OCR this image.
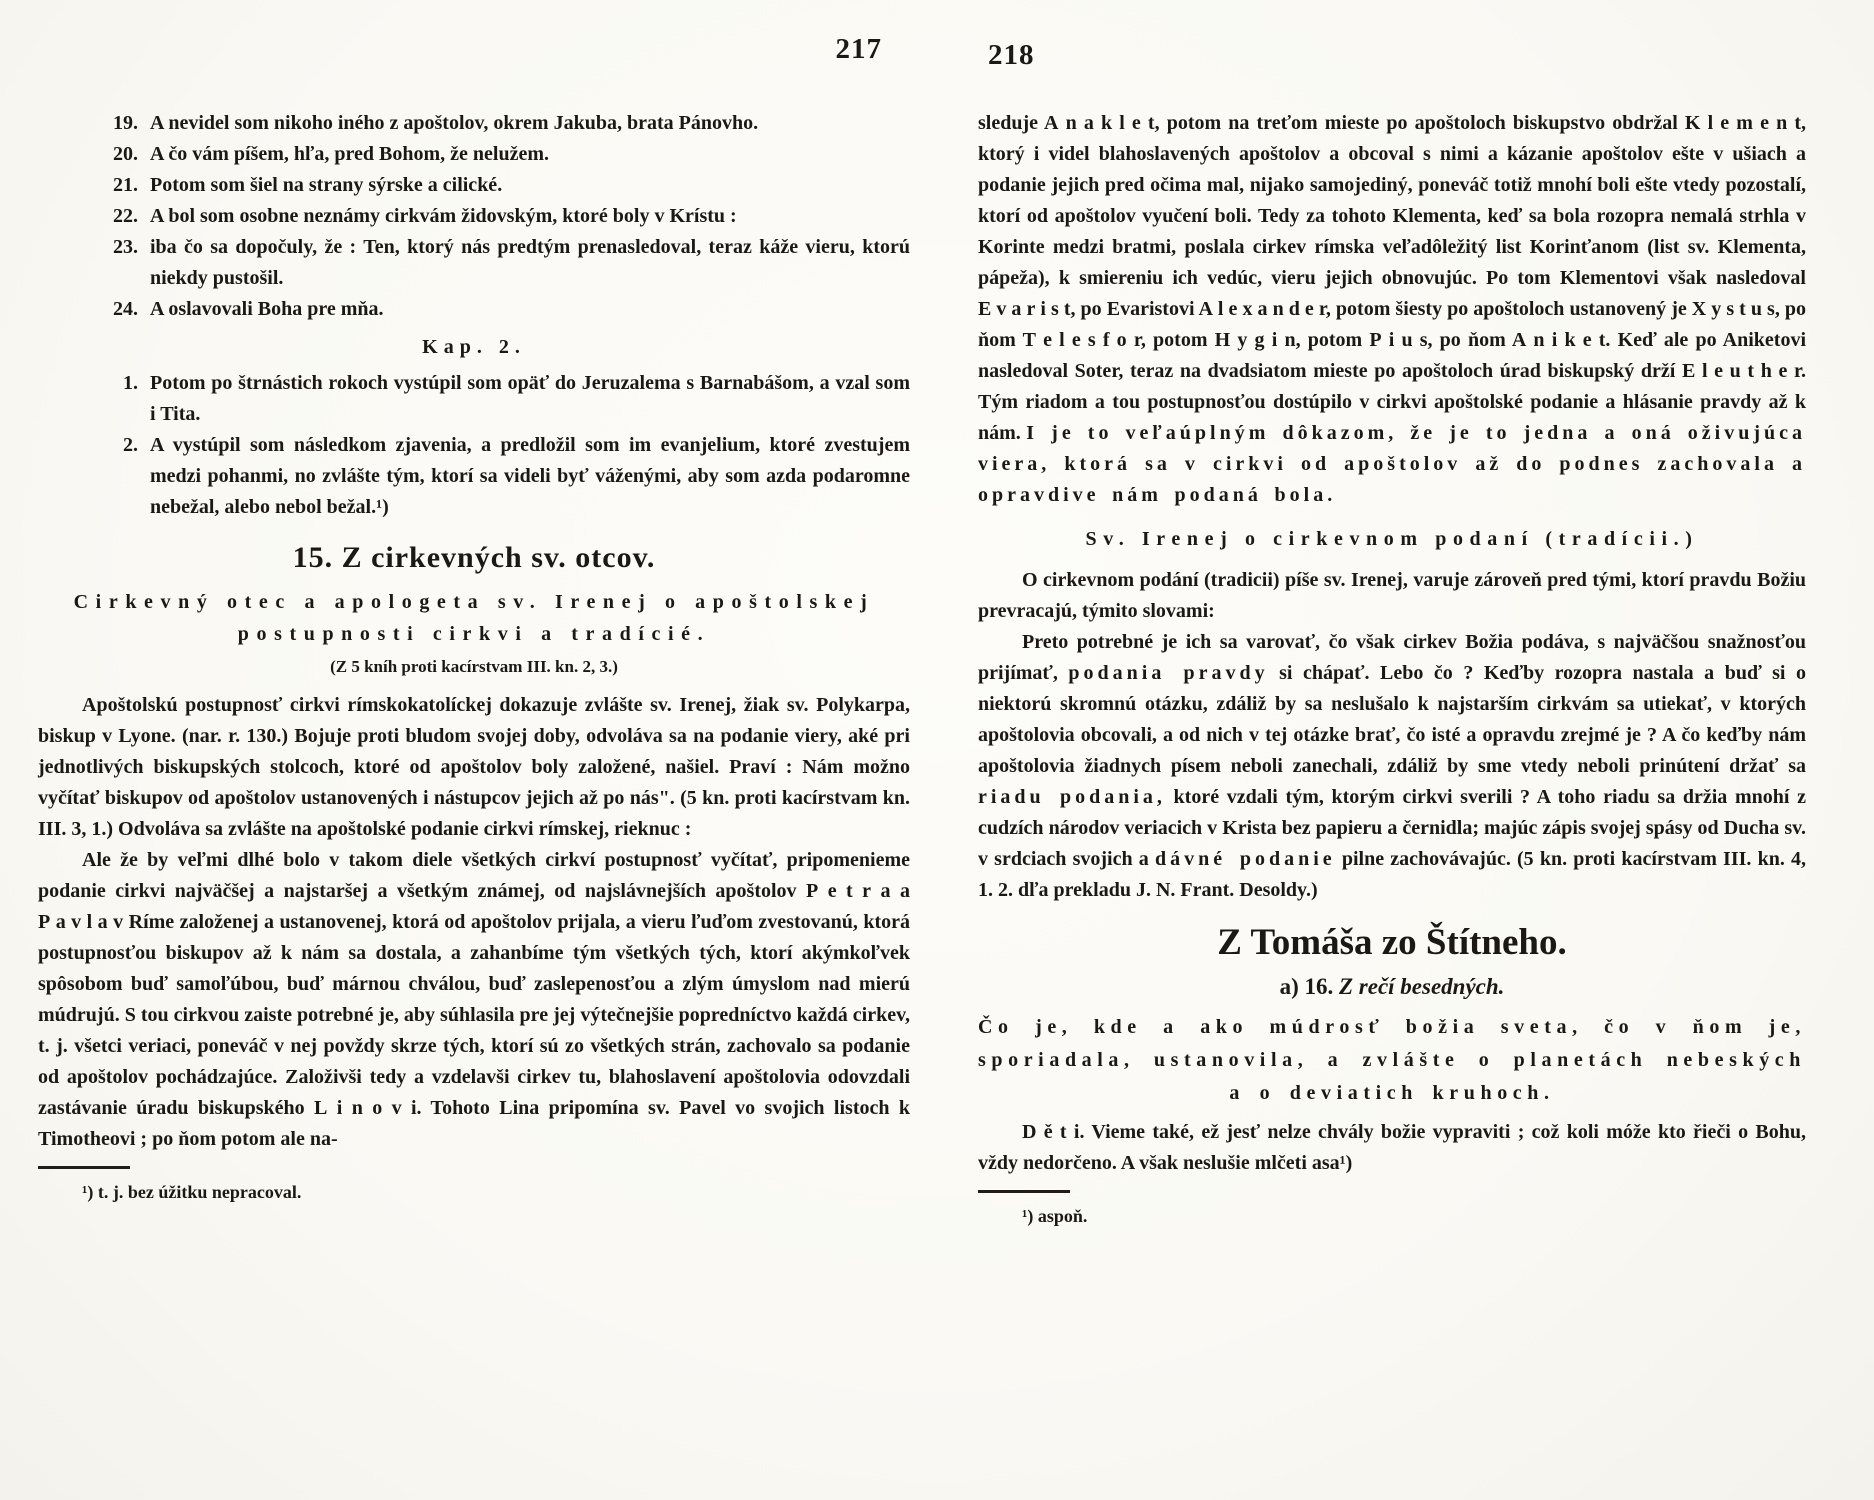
217	218
19. A nevidel som nikoho iného z apoštolov, okrem Jakuba, brata Pánovho.
20. A čo vám píšem, hľa, pred Bohom, že nelužem.
21. Potom som šiel na strany sýrske a cilické.
22. A bol som osobne neznámy cirkvám židovským, ktoré boly v Krístu :
23. iba čo sa dopočuly, že : Ten, ktorý nás predtým prenasledoval, teraz káže vieru, ktorú niekdy pustošil.
24. A oslavovali Boha pre mňa.
Kap. 2.
1. Potom po štrnástich rokoch vystúpil som opäť do Jeruzalema s Barnabášom, a vzal som i Tita.
2. A vystúpil som následkom zjavenia, a predložil som im evanjelium, ktoré zvestujem medzi pohanmi, no zvlášte tým, ktorí sa videli byť váženými, aby som azda podaromne nebežal, alebo nebol bežal.¹)
15. Z cirkevných sv. otcov.
Cirkevný otec a apologeta sv. Irenej o apoštolskej postupnosti cirkvi a tradícié.
(Z 5 kníh proti kacírstvam III. kn. 2, 3.)

Apoštolskú postupnosť cirkvi rímskokatolíckej dokazuje zvlášte sv. Irenej, žiak sv. Polykarpa, biskup v Lyone. (nar. r. 130.) Bojuje proti bludom svojej doby, odvoláva sa na podanie viery, aké pri jednotlivých biskupských stolcoch, ktoré od apoštolov boly založené, našiel. Praví : Nám možno vyčítať biskupov od apoštolov ustanovených i nástupcov jejich až po nás". (5 kn. proti kacírstvam kn. III. 3, 1.) Odvoláva sa zvlášte na apoštolské podanie cirkvi rímskej, rieknuc :

Ale že by veľmi dlhé bolo v takom diele všetkých cirkví postupnosť vyčítať, pripomenieme podanie cirkvi najväčšej a najstaršej a všetkým známej, od najslávnejších apoštolov P e t r a a P a v l a v Ríme založenej a ustanovenej, ktorá od apoštolov prijala, a vieru ľuďom zvestovanú, ktorá postupnosťou biskupov až k nám sa dostala, a zahanbíme tým všetkých tých, ktorí akýmkoľvek spôsobom buď samoľúbou, buď márnou chválou, buď zaslepenosťou a zlým úmyslom nad mierú múdrujú. S tou cirkvou zaiste potrebné je, aby súhlasila pre jej výtečnejšie popredníctvo každá cirkev, t. j. všetci veriaci, poneváč v nej povždy skrze tých, ktorí sú zo všetkých strán, zachovalo sa podanie od apoštolov pochádzajúce. Založivši tedy a vzdelavši cirkev tu, blahoslavení apoštolovia odovzdali zastávanie úradu biskupského L i n o v i. Tohoto Lina pripomína sv. Pavel vo svojich listoch k Timotheovi ; po ňom potom ale na-

¹) t. j. bez úžitku nepracoval.

sleduje A n a k l e t, potom na treťom mieste po apoštoloch biskupstvo obdržal K l e m e n t, ktorý i videl blahoslavených apoštolov a obcoval s nimi a kázanie apoštolov ešte v ušiach a podanie jejich pred očima mal, nijako samojediný, poneváč totiž mnohí boli ešte vtedy pozostalí, ktorí od apoštolov vyučení boli. Tedy za tohoto Klementa, keď sa bola rozopra nemalá strhla v Korinte medzi bratmi, poslala cirkev rímska veľadôležitý list Korinťanom (list sv. Klementa, pápeža), k smiereniu ich vedúc, vieru jejich obnovujúc. Po tom Klementovi však nasledoval E v a r i s t, po Evaristovi A l e x a n d e r, potom šiesty po apoštoloch ustanovený je X y s t u s, po ňom T e l e s f o r, potom H y g i n, potom P i u s, po ňom A n i k e t. Keď ale po Aniketovi nasledoval Soter, teraz na dvadsiatom mieste po apoštoloch úrad biskupský drží E l e u t h e r. Tým riadom a tou postupnosťou dostúpilo v cirkvi apoštolské podanie a hlásanie pravdy až k nám. I je to veľaúplným dôkazom, že je to jedna a oná oživujúca viera, ktorá sa v cirkvi od apoštolov až do podnes zachovala a opravdive nám podaná bola.

Sv. Irenej o cirkevnom podaní (tradícii.)

O cirkevnom podání (tradicii) píše sv. Irenej, varuje zároveň pred tými, ktorí pravdu Božiu prevracajú, týmito slovami:

Preto potrebné je ich sa varovať, čo však cirkev Božia podáva, s najväčšou snažnosťou prijímať, podania pravdy si chápať. Lebo čo ? Keďby rozopra nastala a buď si o niektorú skromnú otázku, zdáliž by sa neslušalo k najstarším cirkvám sa utiekať, v ktorých apoštolovia obcovali, a od nich v tej otázke brať, čo isté a opravdu zrejmé je ? A čo keďby nám apoštolovia žiadnych písem neboli zanechali, zdáliž by sme vtedy neboli prinútení držať sa riadu podania, ktoré vzdali tým, ktorým cirkvi sverili ? A toho riadu sa držia mnohí z cudzích národov veriacich v Krista bez papieru a černidla; majúc zápis svojej spásy od Ducha sv. v srdciach svojich a dávné podanie pilne zachovávajúc. (5 kn. proti kacírstvam III. kn. 4, 1. 2. dľa prekladu J. N. Frant. Desoldy.)

Z Tomáša zo Štítneho.
a) 16. Z rečí besedných.

Čo je, kde a ako múdrosť božia sveta, čo v ňom je, sporiadala, ustanovila, a zvlášte o planetách nebeských a o deviatich kruhoch.

D ě t i. Vieme také, ež jesť nelze chvály božie vypraviti ; což koli móže kto řieči o Bohu, vždy nedorčeno. A však neslušie mlčeti asa¹)

¹) aspoň.
